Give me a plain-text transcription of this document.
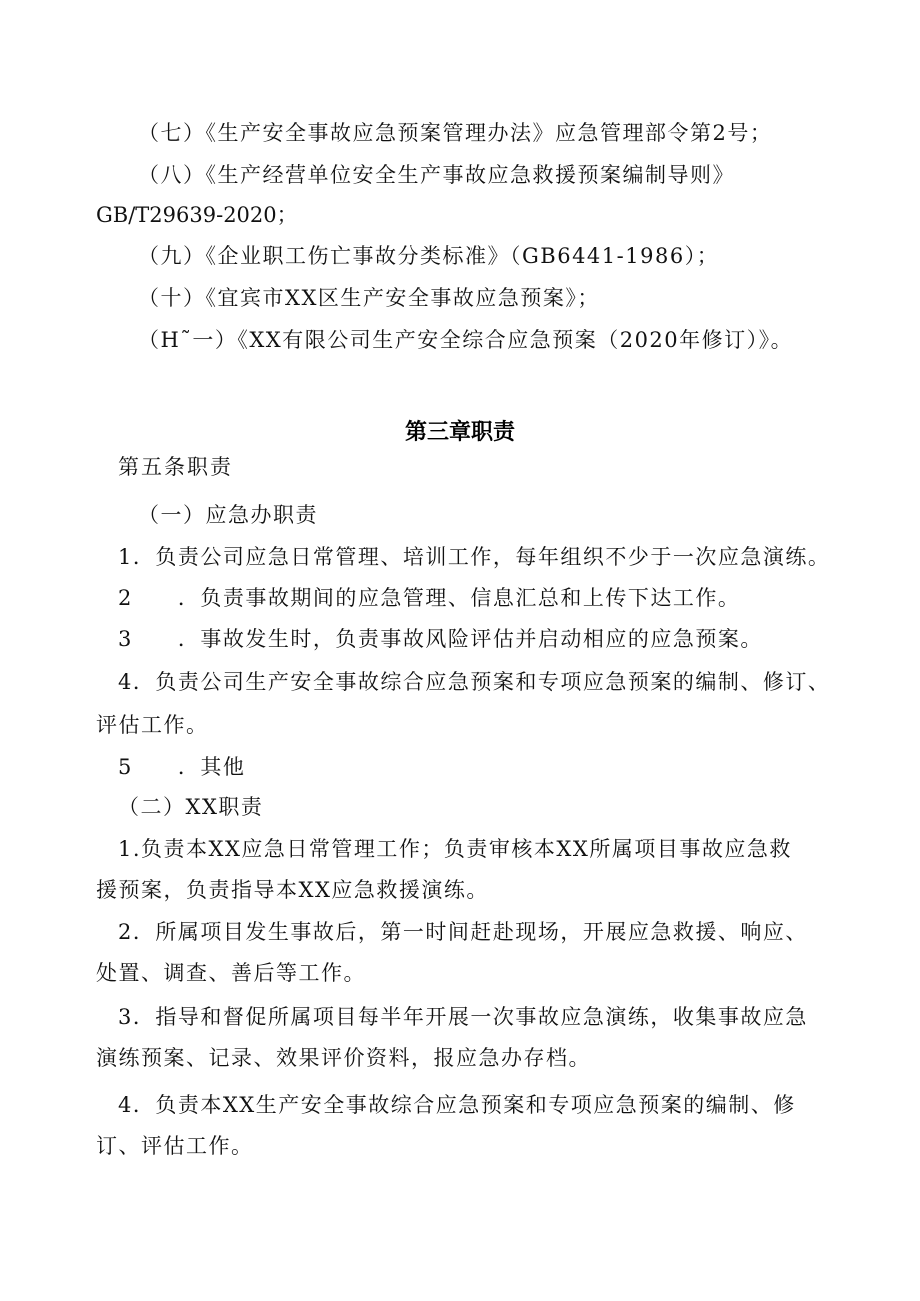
（七）《生产安全事故应急预案管理办法》应急管理部令第2号；
（八）《生产经营单位安全生产事故应急救援预案编制导则》
GB/T29639-2020；
（九）《企业职工伤亡事故分类标准》（GB6441-1986）；
（十）《宜宾市XX区生产安全事故应急预案》；
（H˜一）《XX有限公司生产安全综合应急预案（2020年修订）》。
第三章职责
第五条职责
（一）应急办职责
1．负责公司应急日常管理、培训工作，每年组织不少于一次应急演练。
2　　．负责事故期间的应急管理、信息汇总和上传下达工作。
3　　．事故发生时，负责事故风险评估并启动相应的应急预案。
4．负责公司生产安全事故综合应急预案和专项应急预案的编制、修订、
评估工作。
5　　．其他
（二）XX职责
1.负责本XX应急日常管理工作；负责审核本XX所属项目事故应急救
援预案，负责指导本XX应急救援演练。
2．所属项目发生事故后，第一时间赶赴现场，开展应急救援、响应、
处置、调查、善后等工作。
3．指导和督促所属项目每半年开展一次事故应急演练，收集事故应急
演练预案、记录、效果评价资料，报应急办存档。
4．负责本XX生产安全事故综合应急预案和专项应急预案的编制、修
订、评估工作。
